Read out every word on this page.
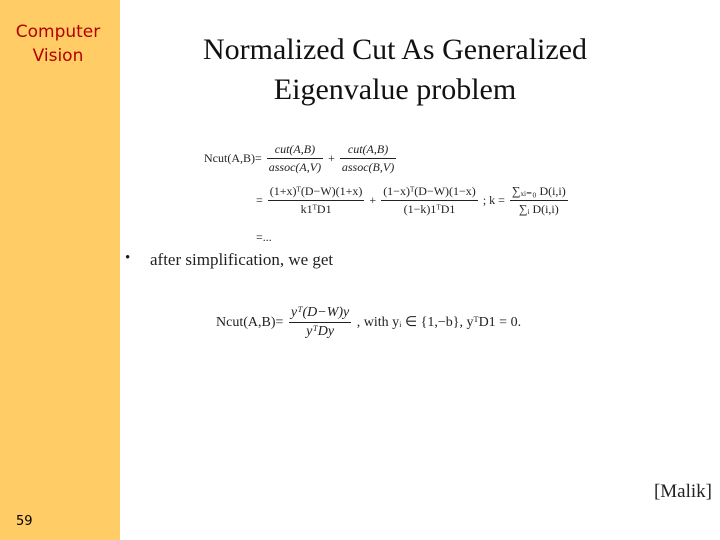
Computer
Vision
59
Normalized Cut As Generalized
Eigenvalue problem
Ncut(A,B)= $\frac{\text{cut(A,B)}}{\text{assoc(A,V)}} + \frac{\text{cut(A,B)}}{\text{assoc(B,V)}}$
= $\frac{\text{(1+x)ᵀ(D−W)(1+x)}}{\text{k1ᵀD1}} + \frac{\text{(1−x)ᵀ(D−W)(1−x)}}{\text{(1−k)1ᵀD1}}$ ; $k = \frac{\text{∑ₓᵢ₌₀ D(i,i)}}{\text{∑ᵢ D(i,i)}}$
=...
• after simplification, we get
Ncut(A,B)= $\frac{\text{yᵀ(D−W)y}}{\text{yᵀDy}}$ , with yᵢ ∈ {1,−b}, yᵀD1 = 0.
[Malik]
